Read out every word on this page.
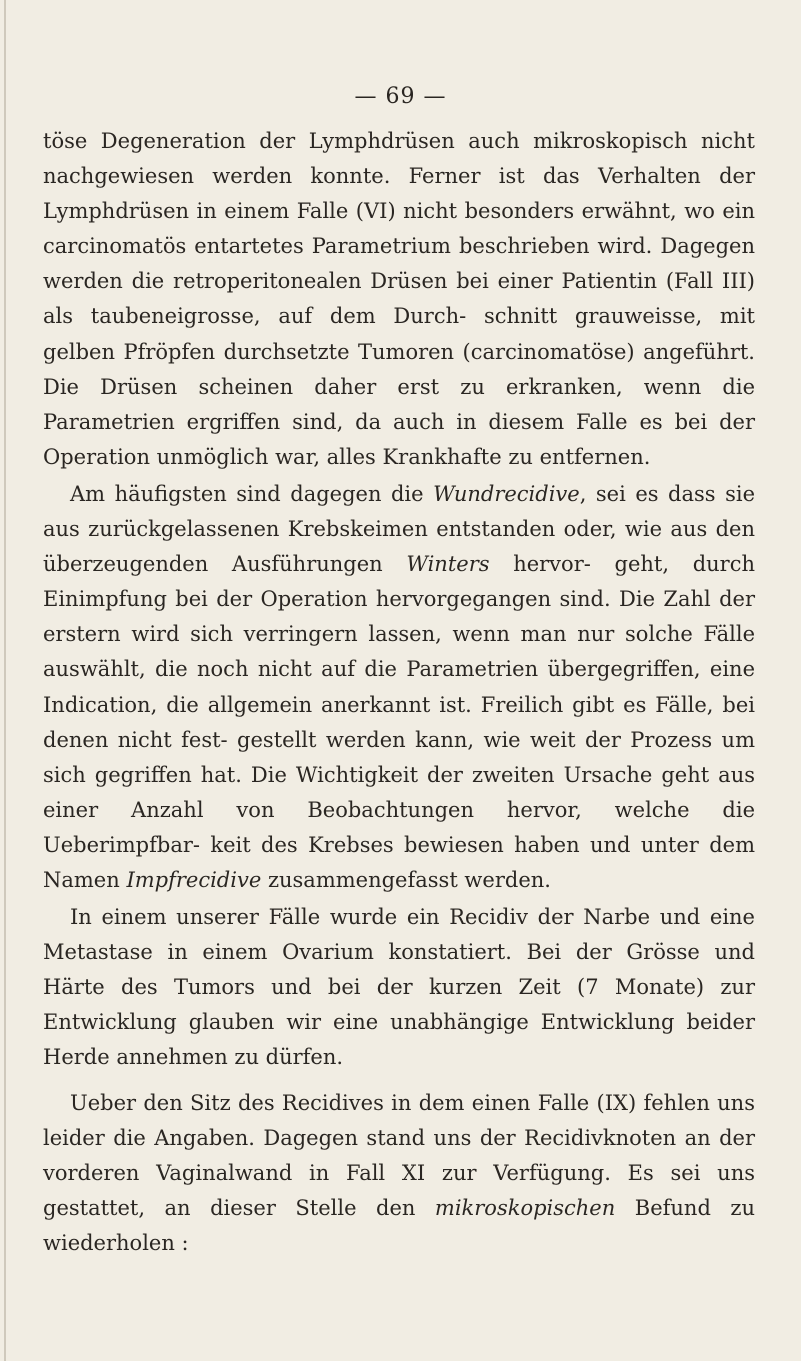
— 69 —

töse Degeneration der Lymphdrüsen auch mikroskopisch nicht nachgewiesen werden konnte. Ferner ist das Verhalten der Lymphdrüsen in einem Falle (VI) nicht besonders erwähnt, wo ein carcinomatös entartetes Parametrium beschrieben wird. Dagegen werden die retroperitonealen Drüsen bei einer Patientin (Fall III) als taubeneigrosse, auf dem Durch- schnitt grauweisse, mit gelben Pfröpfen durchsetzte Tumoren (carcinomatöse) angeführt. Die Drüsen scheinen daher erst zu erkranken, wenn die Parametrien ergriffen sind, da auch in diesem Falle es bei der Operation unmöglich war, alles Krankhafte zu entfernen.

Am häufigsten sind dagegen die Wundrecidive, sei es dass sie aus zurückgelassenen Krebskeimen entstanden oder, wie aus den überzeugenden Ausführungen Winters hervor- geht, durch Einimpfung bei der Operation hervorgegangen sind. Die Zahl der erstern wird sich verringern lassen, wenn man nur solche Fälle auswählt, die noch nicht auf die Parametrien übergegriffen, eine Indication, die allgemein anerkannt ist. Freilich gibt es Fälle, bei denen nicht fest- gestellt werden kann, wie weit der Prozess um sich gegriffen hat. Die Wichtigkeit der zweiten Ursache geht aus einer Anzahl von Beobachtungen hervor, welche die Ueberimpfbar- keit des Krebses bewiesen haben und unter dem Namen Impfrecidive zusammengefasst werden.

In einem unserer Fälle wurde ein Recidiv der Narbe und eine Metastase in einem Ovarium konstatiert. Bei der Grösse und Härte des Tumors und bei der kurzen Zeit (7 Monate) zur Entwicklung glauben wir eine unabhängige Entwicklung beider Herde annehmen zu dürfen.

Ueber den Sitz des Recidives in dem einen Falle (IX) fehlen uns leider die Angaben. Dagegen stand uns der Recidivknoten an der vorderen Vaginalwand in Fall XI zur Verfügung. Es sei uns gestattet, an dieser Stelle den mikroskopischen Befund zu wiederholen :
